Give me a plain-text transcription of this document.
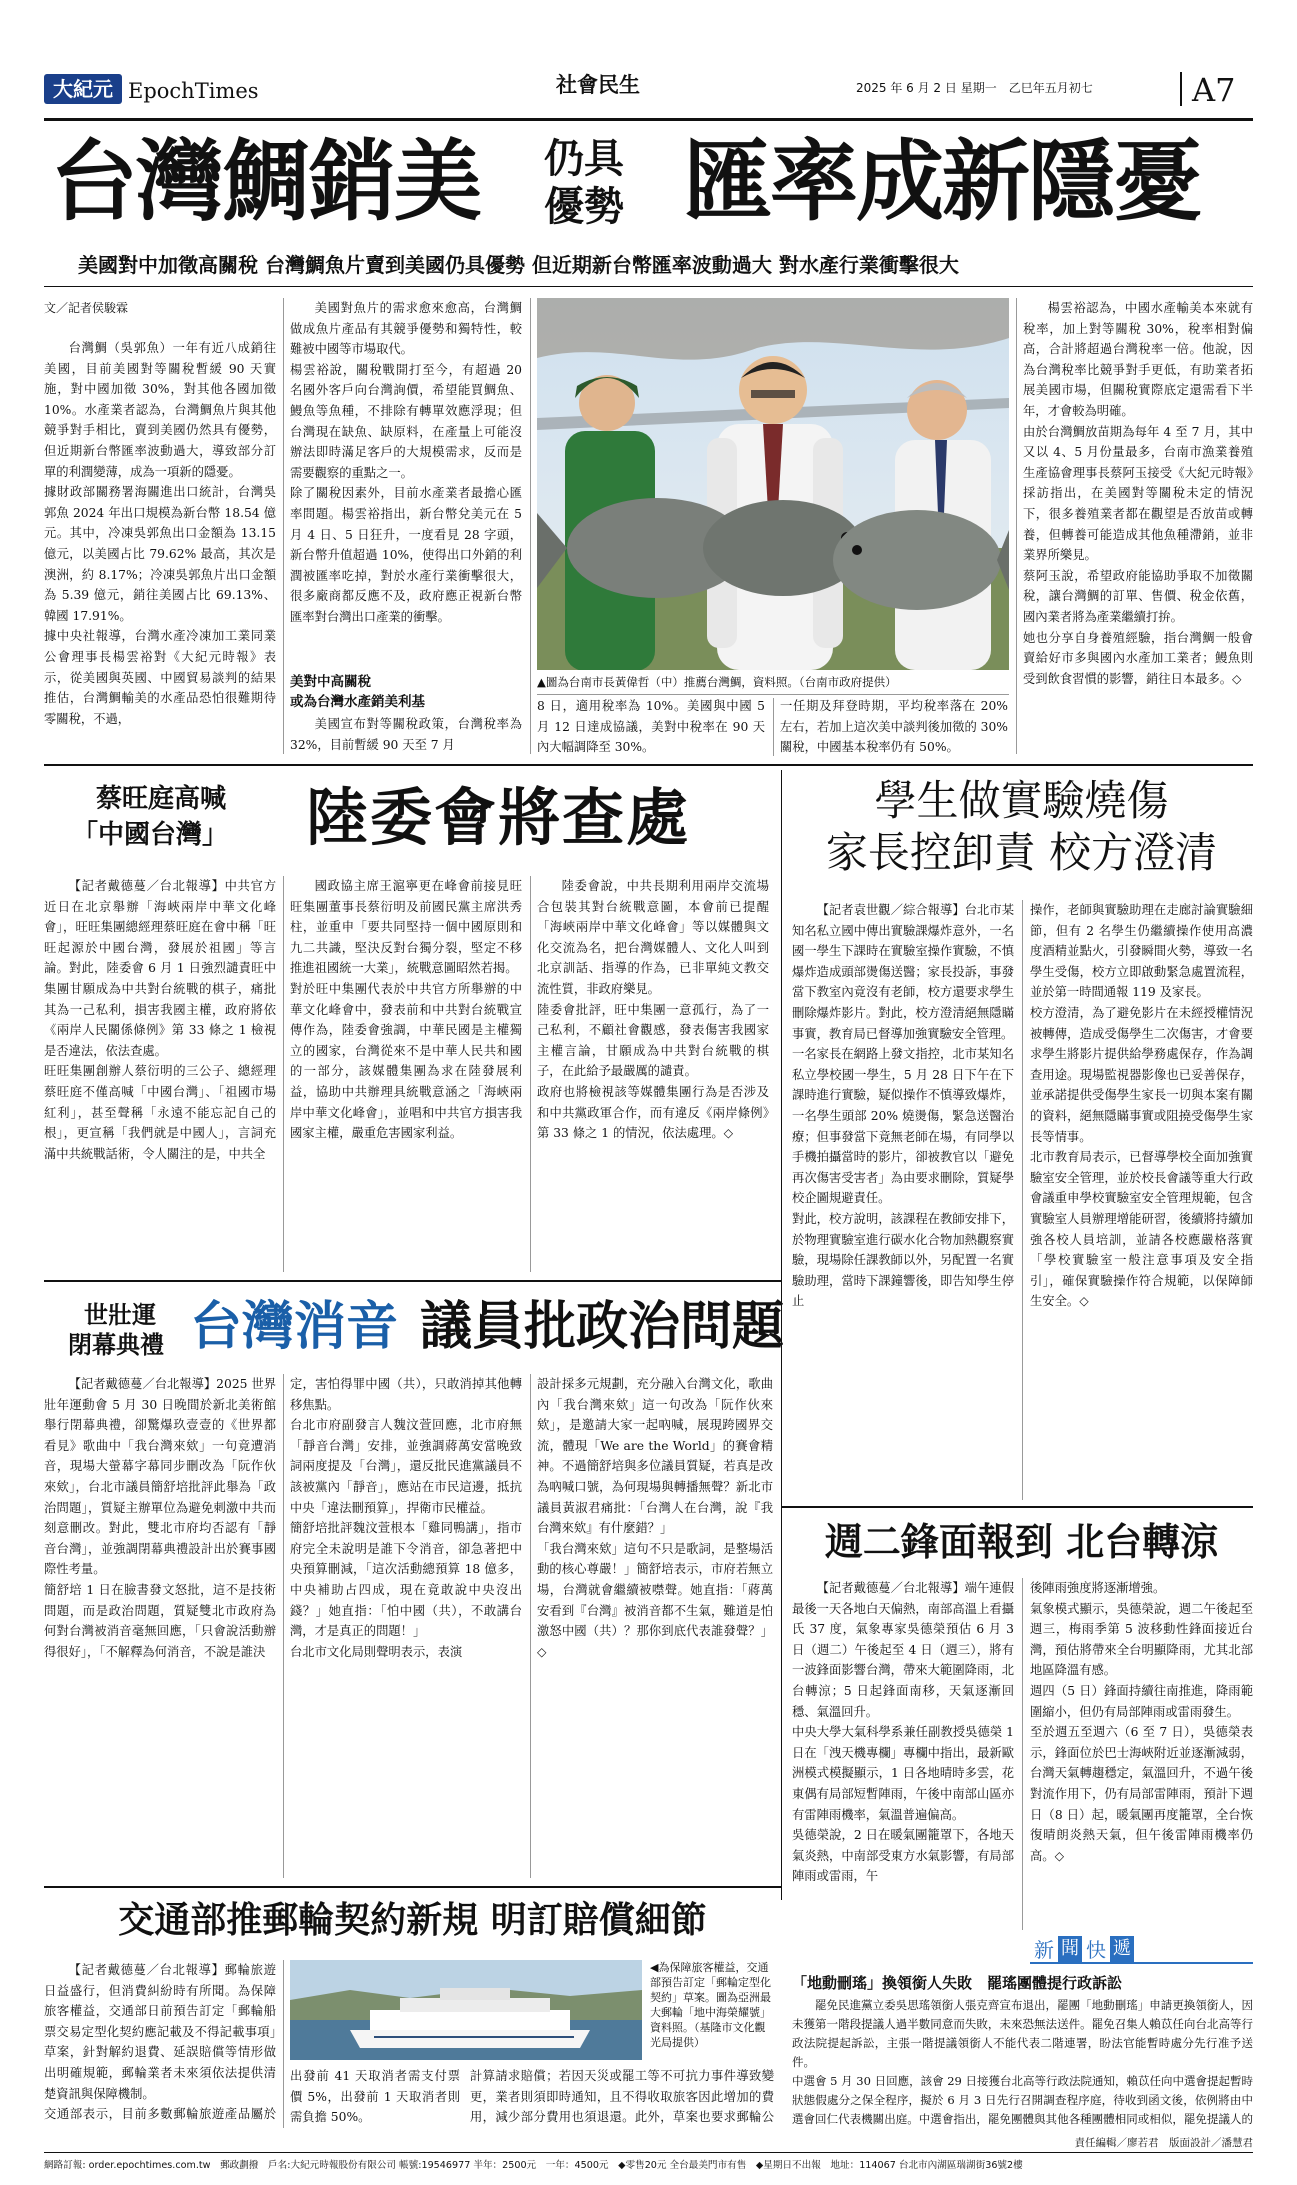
大紀元 EpochTimes	社會民生	2025 年 6 月 2 日 星期一　乙巳年五月初七	A7
台灣鯛銷美 仍具
優勢 匯率成新隱憂
美國對中加徵高關稅 台灣鯛魚片賣到美國仍具優勢 但近期新台幣匯率波動過大 對水產行業衝擊很大
文／記者侯駿霖

台灣鯛（吳郭魚）一年有近八成銷往美國，目前美國對等關稅暫緩 90 天實施，對中國加徵 30%，對其他各國加徵 10%。水產業者認為，台灣鯛魚片與其他競爭對手相比，賣到美國仍然具有優勢，但近期新台幣匯率波動過大，導致部分訂單的利潤變薄，成為一項新的隱憂。
據財政部關務署海關進出口統計，台灣吳郭魚 2024 年出口規模為新台幣 18.54 億元。其中，冷凍吳郭魚出口金額為 13.15 億元，以美國占比 79.62% 最高，其次是澳洲，約 8.17%；冷凍吳郭魚片出口金額為 5.39 億元，銷往美國占比 69.13%、韓國 17.91%。
據中央社報導，台灣水產冷凍加工業同業公會理事長楊雲裕對《大紀元時報》表示，從美國與英國、中國貿易談判的結果推估，台灣鯛輸美的水產品恐怕很難期待零關稅，不過，

美國對魚片的需求愈來愈高，台灣鯛做成魚片產品有其競爭優勢和獨特性，較難被中國等市場取代。
楊雲裕說，關稅戰開打至今，有超過 20 名國外客戶向台灣詢價，希望能買鯛魚、鰻魚等魚種，不排除有轉單效應浮現；但台灣現在缺魚、缺原料，在產量上可能沒辦法即時滿足客戶的大規模需求，反而是需要觀察的重點之一。
除了關稅因素外，目前水產業者最擔心匯率問題。楊雲裕指出，新台幣兌美元在 5 月 4 日、5 日狂升，一度看見 28 字頭，新台幣升值超過 10%，使得出口外銷的利潤被匯率吃掉，對於水產行業衝擊很大，很多廠商都反應不及，政府應正視新台幣匯率對台灣出口產業的衝擊。

美對中高關稅
或為台灣水產銷美利基

美國宣布對等關稅政策，台灣稅率為 32%，目前暫緩 90 天至 7 月

▲圖為台南市長黃偉哲（中）推薦台灣鯛，資料照。（台南市政府提供）

8 日，適用稅率為 10%。美國與中國 5 月 12 日達成協議，美對中稅率在 90 天內大幅調降至 30%。

一任期及拜登時期，平均稅率落在 20% 左右，若加上這次美中談判後加徵的 30% 關稅，中國基本稅率仍有 50%。

楊雲裕認為，中國水產輸美本來就有稅率，加上對等關稅 30%，稅率相對偏高，合計將超過台灣稅率一倍。他說，因為台灣稅率比競爭對手更低，有助業者拓展美國市場，但關稅實際底定還需看下半年，才會較為明確。
由於台灣鯛放苗期為每年 4 至 7 月，其中又以 4、5 月份量最多，台南市漁業養殖生產協會理事長蔡阿玉接受《大紀元時報》採訪指出，在美國對等關稅未定的情況下，很多養殖業者都在觀望是否放苗或轉養，但轉養可能造成其他魚種滯銷，並非業界所樂見。
蔡阿玉說，希望政府能協助爭取不加徵關稅，讓台灣鯛的訂單、售價、稅金依舊，國內業者將為產業繼續打拚。
她也分享自身養殖經驗，指台灣鯛一般會賣給好市多與國內水產加工業者；鰻魚則受到飲食習慣的影響，銷往日本最多。◇

蔡旺庭高喊
「中國台灣」 陸委會將查處

【記者戴德蔓／台北報導】中共官方近日在北京舉辦「海峽兩岸中華文化峰會」，旺旺集團總經理蔡旺庭在會中稱「旺旺起源於中國台灣，發展於祖國」等言論。對此，陸委會 6 月 1 日強烈譴責旺中集團甘願成為中共對台統戰的棋子，痛批其為一己私利，損害我國主權，政府將依《兩岸人民關係條例》第 33 條之 1 檢視是否違法，依法查處。
旺旺集團創辦人蔡衍明的三公子、總經理蔡旺庭不僅高喊「中國台灣」、「祖國市場紅利」，甚至聲稱「永遠不能忘記自己的根」，更宣稱「我們就是中國人」，言詞充滿中共統戰話術，令人關注的是，中共全

國政協主席王滬寧更在峰會前接見旺旺集團董事長蔡衍明及前國民黨主席洪秀柱，並重申「要共同堅持一個中國原則和九二共識，堅決反對台獨分裂，堅定不移推進祖國統一大業」，統戰意圖昭然若揭。
對於旺中集團代表於中共官方所舉辦的中華文化峰會中，發表前和中共對台統戰宣傳作為，陸委會強調，中華民國是主權獨立的國家，台灣從來不是中華人民共和國的一部分，該媒體集團為求在陸發展利益，協助中共辦理具統戰意涵之「海峽兩岸中華文化峰會」，並唱和中共官方損害我國家主權，嚴重危害國家利益。

陸委會說，中共長期利用兩岸交流場合包裝其對台統戰意圖，本會前已提醒「海峽兩岸中華文化峰會」等以媒體與文化交流為名，把台灣媒體人、文化人叫到北京訓話、指導的作為，已非單純文教交流性質，非政府樂見。
陸委會批評，旺中集團一意孤行，為了一己私利，不顧社會觀感，發表傷害我國家主權言論，甘願成為中共對台統戰的棋子，在此給予最嚴厲的譴責。
政府也將檢視該等媒體集團行為是否涉及和中共黨政軍合作，而有違反《兩岸條例》第 33 條之 1 的情況，依法處理。◇

學生做實驗燒傷
家長控卸責 校方澄清

【記者袁世觀／綜合報導】台北市某知名私立國中傳出實驗課爆炸意外，一名國一學生下課時在實驗室操作實驗，不慎爆炸造成頭部燙傷送醫；家長投訴，事發當下教室內竟沒有老師，校方還要求學生刪除爆炸影片。對此，校方澄清絕無隱瞞事實，教育局已督導加強實驗安全管理。
一名家長在網路上發文指控，北市某知名私立學校國一學生，5 月 28 日下午在下課時進行實驗，疑似操作不慎導致爆炸，一名學生頭部 20% 燒燙傷，緊急送醫治療；但事發當下竟無老師在場，有同學以手機拍攝當時的影片，卻被教官以「避免再次傷害受害者」為由要求刪除，質疑學校企圖規避責任。
對此，校方說明，該課程在教師安排下，於物理實驗室進行碳水化合物加熱觀察實驗，現場除任課教師以外，另配置一名實驗助理，當時下課鐘響後，即告知學生停止

操作，老師與實驗助理在走廊討論實驗細節，但有 2 名學生仍繼續操作使用高濃度酒精並點火，引發瞬間火勢，導致一名學生受傷，校方立即啟動緊急處置流程，並於第一時間通報 119 及家長。
校方澄清，為了避免影片在未經授權情況被轉傳，造成受傷學生二次傷害，才會要求學生將影片提供給學務處保存，作為調查用途。現場監視器影像也已妥善保存，並承諾提供受傷學生家長一切與本案有關的資料，絕無隱瞞事實或阻撓受傷學生家長等情事。
北市教育局表示，已督導學校全面加強實驗室安全管理，並於校長會議等重大行政會議重申學校實驗室安全管理規範，包含實驗室人員辦理增能研習，後續將持續加強各校人員培訓，並請各校應嚴格落實「學校實驗室一般注意事項及安全指引」，確保實驗操作符合規範，以保障師生安全。◇

世壯運
閉幕典禮 台灣消音 議員批政治問題

【記者戴德蔓／台北報導】2025 世界壯年運動會 5 月 30 日晚間於新北美術館舉行閉幕典禮，卻驚爆玖壹壹的《世界都看見》歌曲中「我台灣來欸」一句竟遭消音，現場大螢幕字幕同步刪改為「阮作伙來欸」，台北市議員簡舒培批評此舉為「政治問題」，質疑主辦單位為避免刺激中共而刻意刪改。對此，雙北市府均否認有「靜音台灣」，並強調閉幕典禮設計出於賽事國際性考量。
簡舒培 1 日在臉書發文怒批，這不是技術問題，而是政治問題，質疑雙北市政府為何對台灣被消音毫無回應，「只會說活動辦得很好」，「不解釋為何消音，不說是誰決

定，害怕得罪中國（共），只敢消掉其他轉移焦點。
台北市府副發言人魏汶萱回應，北市府無「靜音台灣」安排，並強調蔣萬安當晚致詞兩度提及「台灣」，還反批民進黨議員不該被黨內「靜音」，應站在市民這邊，抵抗中央「違法刪預算」，捍衛市民權益。
簡舒培批評魏汶萱根本「雞同鴨講」，指市府完全未說明是誰下令消音，卻急著把中央預算刪減，「這次活動總預算 18 億多，中央補助占四成，現在竟敢說中央沒出錢？」她直指：「怕中國（共），不敢講台灣，才是真正的問題！」
台北市文化局則聲明表示，表演

設計採多元規劃，充分融入台灣文化，歌曲內「我台灣來欸」這一句改為「阮作伙來欸」，是邀請大家一起吶喊，展現跨國界交流，體現「We are the World」的賽會精神。不過簡舒培與多位議員質疑，若真是改為吶喊口號，為何現場與轉播無聲？新北市議員黃淑君痛批：「台灣人在台灣，說『我台灣來欸』有什麼錯？」
「我台灣來欸」這句不只是歌詞，是整場活動的核心尊嚴！」簡舒培表示，市府若無立場，台灣就會繼續被噤聲。她直指：「蔣萬安看到『台灣』被消音都不生氣，難道是怕激怒中國（共）？那你到底代表誰發聲？」◇

週二鋒面報到 北台轉涼

【記者戴德蔓／台北報導】端午連假最後一天各地白天偏熱，南部高溫上看攝氏 37 度，氣象專家吳德榮預估 6 月 3 日（週二）午後起至 4 日（週三），將有一波鋒面影響台灣，帶來大範圍降雨，北台轉涼；5 日起鋒面南移，天氣逐漸回穩、氣溫回升。
中央大學大氣科學系兼任副教授吳德榮 1 日在「洩天機專欄」專欄中指出，最新歐洲模式模擬顯示，1 日各地晴時多雲，花東偶有局部短暫陣雨，午後中南部山區亦有雷陣雨機率，氣溫普遍偏高。
吳德榮說，2 日在暖氣團籠罩下，各地天氣炎熱，中南部受東方水氣影響，有局部陣雨或雷雨，午

後陣雨強度將逐漸增強。
氣象模式顯示，吳德榮說，週二午後起至週三，梅雨季第 5 波移動性鋒面接近台灣，預估將帶來全台明顯降雨，尤其北部地區降溫有感。
週四（5 日）鋒面持續往南推進，降雨範圍縮小，但仍有局部陣雨或雷雨發生。
至於週五至週六（6 至 7 日），吳德榮表示，鋒面位於巴士海峽附近並逐漸減弱，台灣天氣轉趨穩定，氣溫回升，不過午後對流作用下，仍有局部雷陣雨，預計下週日（8 日）起，暖氣團再度籠罩，全台恢復晴朗炎熱天氣，但午後雷陣雨機率仍高。◇

交通部推郵輪契約新規 明訂賠償細節

【記者戴德蔓／台北報導】郵輪旅遊日益盛行，但消費糾紛時有所聞。為保障旅客權益，交通部日前預告訂定「郵輪船票交易定型化契約應記載及不得記載事項」草案，針對解約退費、延誤賠償等情形做出明確規範，郵輪業者未來須依法提供清楚資訊與保障機制。
交通部表示，目前多數郵輪旅遊產品屬於

◀為保障旅客權益，交通部預告訂定「郵輪定型化契約」草案。圖為亞洲最大郵輪「地中海榮耀號」資料照。（基隆市文化觀光局提供）

出發前 41 天取消者需支付票價 5%，出發前 1 天取消者則需負擔 50%。

計算請求賠償；若因天災或罷工等不可抗力事件導致變更，業者則須即時通知，且不得收取旅客因此增加的費用，減少部分費用也須退還。此外，草案也要求郵輪公

新 聞 快 遞
「地動刪瑤」換領銜人失敗　罷瑤團體提行政訴訟

罷免民進黨立委吳思瑤領銜人張克齊宣布退出，罷團「地動刪瑤」申請更換領銜人，因未獲第一階段提議人過半數同意而失敗，未來恐無法送件。罷免召集人賴苡任向台北高等行政法院提起訴訟，主張一階提議領銜人不能代表二階連署，盼法官能暫時處分先行准予送件。
中選會 5 月 30 日回應，該會 29 日接獲台北高等行政法院通知，賴苡任向中選會提起暫時狀態假處分之保全程序，擬於 6 月 3 日先行召開調查程序庭，待收到函文後，依例將由中選會回仁代表機關出庭。中選會指出，罷免團體與其他各種團體相同或相似，罷免提議人的

責任編輯／廖若君　版面設計／潘慧君
網路訂報: order.epochtimes.com.tw　郵政劃撥　戶名:大紀元時報股份有限公司 帳號:19546977 半年：2500元　一年：4500元　◆零售20元 全台最美門市有售　◆星期日不出報　地址：114067 台北市內湖區瑞湖街36號2樓
